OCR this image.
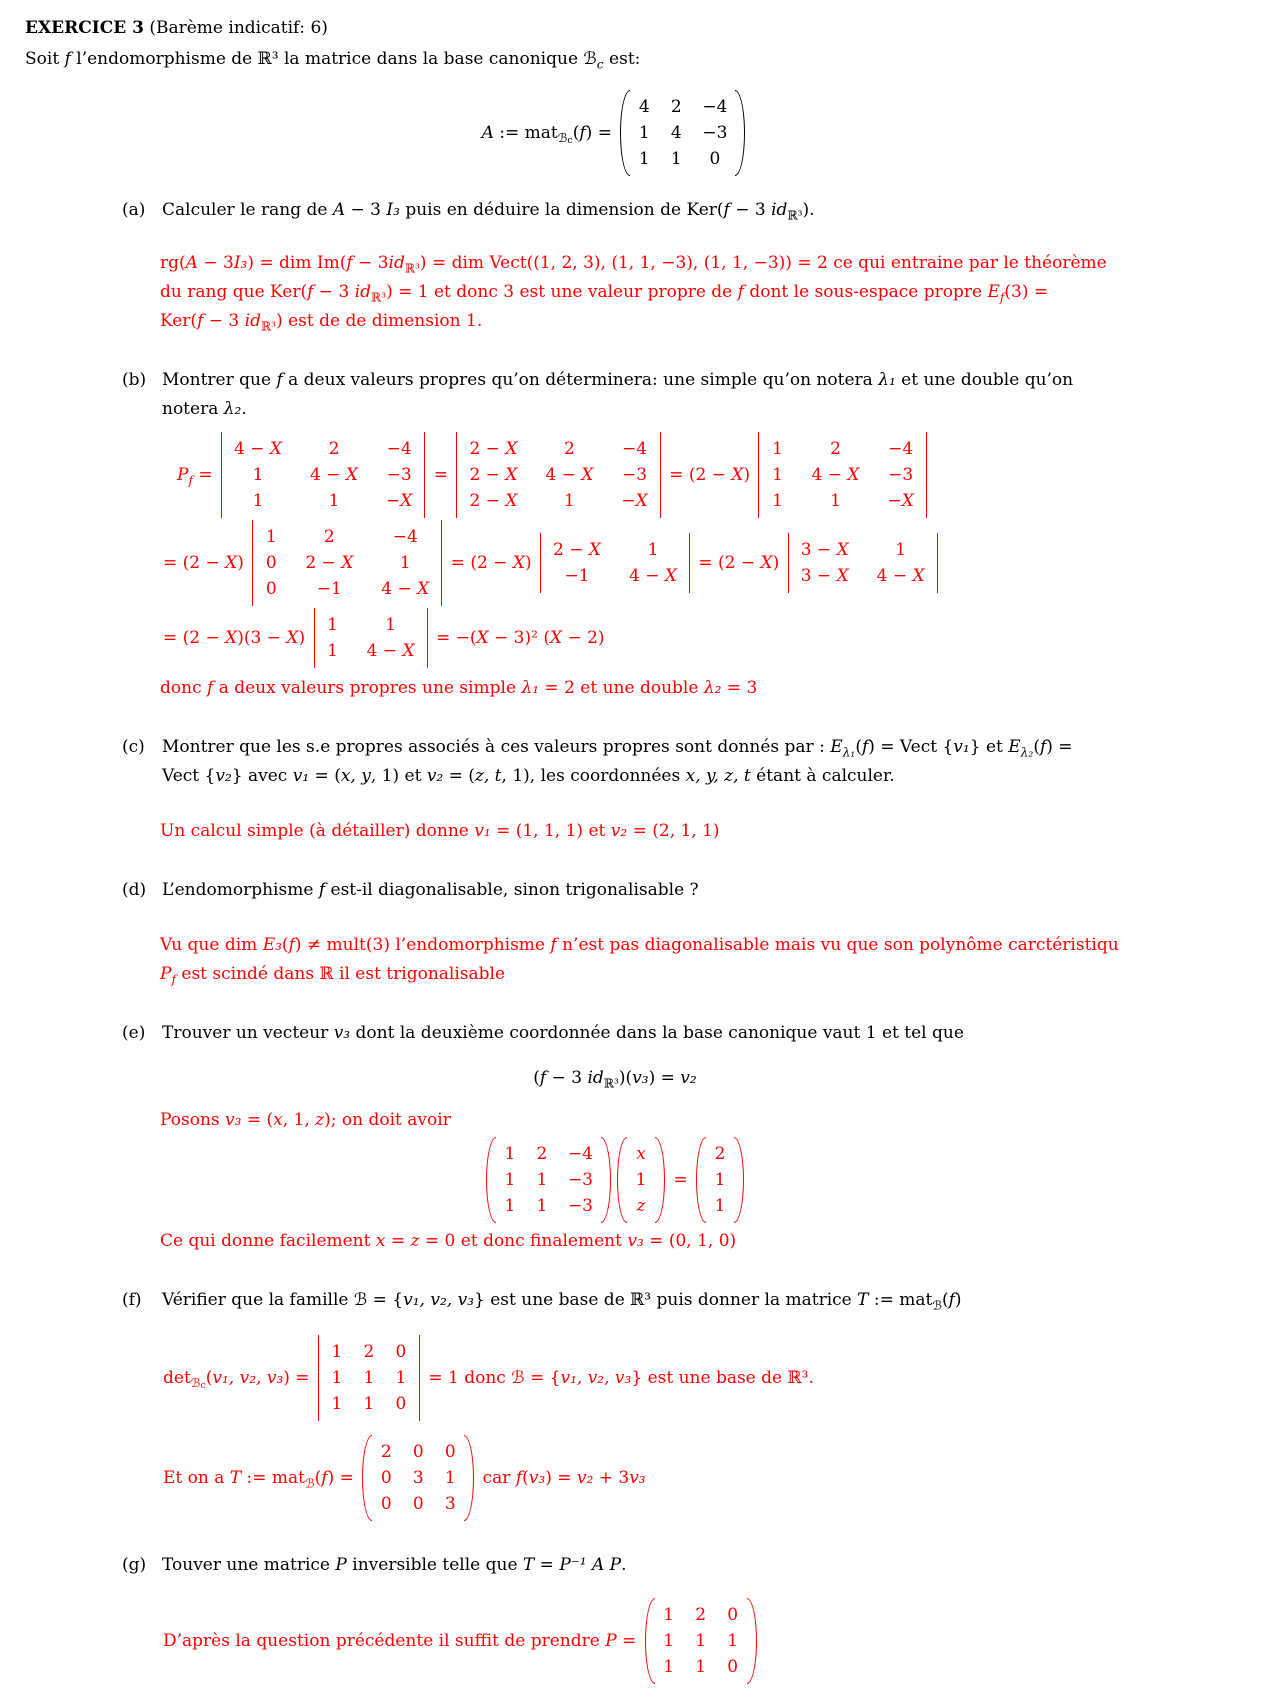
EXERCICE 3 (Barème indicatif: 6)
Soit f l’endomorphisme de ℝ³ la matrice dans la base canonique ℬ$_c$ est:
A := mat$_{ℬ_c}$(f) =
4 2 −4
1 4 −3
1 1	0
(a) Calculer le rang de A − 3 I₃ puis en déduire la dimension de Ker(f − 3 $id_{ℝ^3}$).
rg(A − 3I₃) = dim $Im(f - 3id_{ℝ^3})$ = dim Vect((1, 2, 3), (1, 1, −3), (1, 1, −3)) = 2 ce qui entraine par le théorème
du rang que Ker(f − 3 $id_{ℝ^3}) = 1$ et donc 3 est une valeur propre de f dont le sous-espace propre $E_f(3)$ =
Ker(f − 3 $id_{ℝ^3}$) est de de dimension 1.
(b) Montrer que f a deux valeurs propres qu’on déterminera: une simple qu’on notera λ₁ et une double qu’on
notera λ₂.
$P_f$ =
4 − X	2	−4
1	4 − X −3
1	1	−X
=
2 − X	2	−4
2 − X 4 − X −3
2 − X	1	−X
= (2 − X)
1	2	−4
1 4 − X −3
1	1	−X
= (2 − X)
1	2	−4
0 2 − X	1
0	−1	4 − X
= (2 − X)
2 − X	1
−1	4 − X
= (2 − X)
3 − X	1
3 − X 4 − X
= (2 − X)(3 − X)
1	1
1 4 − X
= −(X − 3)² (X − 2)
donc f a deux valeurs propres une simple λ₁ = 2 et une double λ₂ = 3
(c)	Montrer que les s.e propres associés à ces valeurs propres sont donnés par : $E_{\lambda_1}(f)$ = Vect {v₁} et $E_{\lambda_2}(f)$ =
Vect {v₂} avec v₁ = (x, y, 1) et v₂ = (z, t, 1), les coordonnées x, y, z, t étant à calculer.
Un calcul simple (à détailler) donne v₁ = (1, 1, 1) et v₂ = (2, 1, 1)
(d) L’endomorphisme f est-il diagonalisable, sinon trigonalisable ?
Vu que dim E₃(f) ≠ mult(3) l’endomorphisme f n’est pas diagonalisable mais vu que son polynôme carctéristiqu
$P_f$ est scindé dans ℝ il est trigonalisable
(e) Trouver un vecteur v₃ dont la deuxième coordonnée dans la base canonique vaut 1 et tel que
(f − 3 $id_{ℝ^3})(v_3) = v_2$
Posons v₃ = (x, 1, z); on doit avoir
1 2 −4
1 1 −3
1 1 −3
x
1
z
=
2
1
1
Ce qui donne facilement x = z = 0 et donc finalement v₃ = (0, 1, 0)
(f)	Vérifier que la famille ℬ = {v₁, v₂, v₃} est une base de ℝ³ puis donner la matrice T := mat$_ℬ$(f)
$\det_{ℬ_c}(v_1$, v₂, v₃) =
1 2 0
1 1 1
1 1 0
= 1 donc ℬ = {v₁, v₂, v₃} est une base de ℝ³.
Et on a T := mat$_ℬ$(f) =
2 0 0
0 3 1
0 0 3
car f(v₃) = v₂ + 3v₃
(g) Touver une matrice P inversible telle que T = P⁻¹ A P.
D’après la question précédente il suffit de prendre P =
1 2 0
1 1 1
1 1 0
